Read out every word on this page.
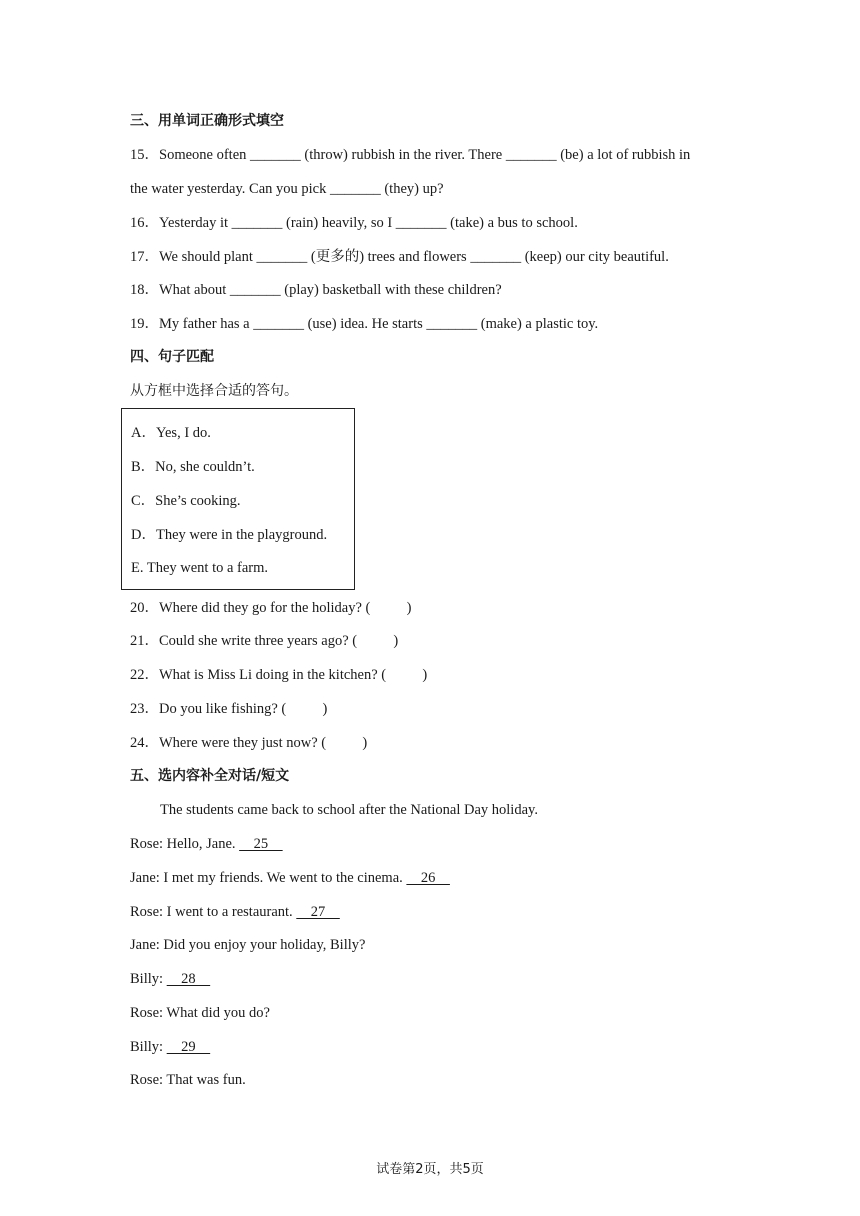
三、用单词正确形式填空
15．Someone often _______ (throw) rubbish in the river. There _______ (be) a lot of rubbish in
the water yesterday. Can you pick _______ (they) up?
16．Yesterday it _______ (rain) heavily, so I _______ (take) a bus to school.
17．We should plant _______ (更多的) trees and flowers _______ (keep) our city beautiful.
18．What about _______ (play) basketball with these children?
19．My father has a _______ (use) idea. He starts _______ (make) a plastic toy.
四、句子匹配
从方框中选择合适的答句。
A．Yes, I do.
B．No, she couldn’t.
C．She’s cooking.
D．They were in the playground.
E. They went to a farm.
20．Where did they go for the holiday? (          )
21．Could she write three years ago? (          )
22．What is Miss Li doing in the kitchen? (          )
23．Do you like fishing? (          )
24．Where were they just now? (          )
五、选内容补全对话/短文
The students came back to school after the National Day holiday.
Rose: Hello, Jane.     25
Jane: I met my friends. We went to the cinema.     26
Rose: I went to a restaurant.     27
Jane: Did you enjoy your holiday, Billy?
Billy:     28
Rose: What did you do?
Billy:     29
Rose: That was fun.
试卷第2页，共5页
